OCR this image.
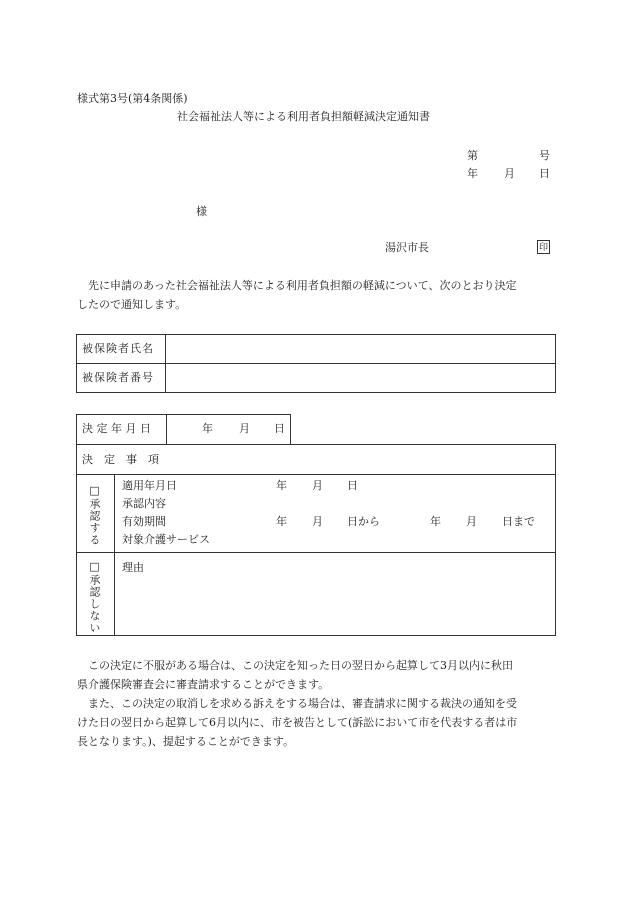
様式第3号(第4条関係)
社会福祉法人等による利用者負担額軽減決定通知書
第	号
年 月 日
様
湯沢市長	印
先に申請のあった社会福祉法人等による利用者負担額の軽減について、次のとおり決定
したので通知します。
被保険者氏名
被保険者番号
決 定 年 月 日	年 月 日
決　定　事　項
□承認する 適用年月日	年 月 日
承認内容
有効期間	年 月 日から	年 月 日まで
対象介護サービス
□承認しない 理由
この決定に不服がある場合は、この決定を知った日の翌日から起算して3月以内に秋田
県介護保険審査会に審査請求することができます。
また、この決定の取消しを求める訴えをする場合は、審査請求に関する裁決の通知を受
けた日の翌日から起算して6月以内に、市を被告として(訴訟において市を代表する者は市
長となります。)、提起することができます。
